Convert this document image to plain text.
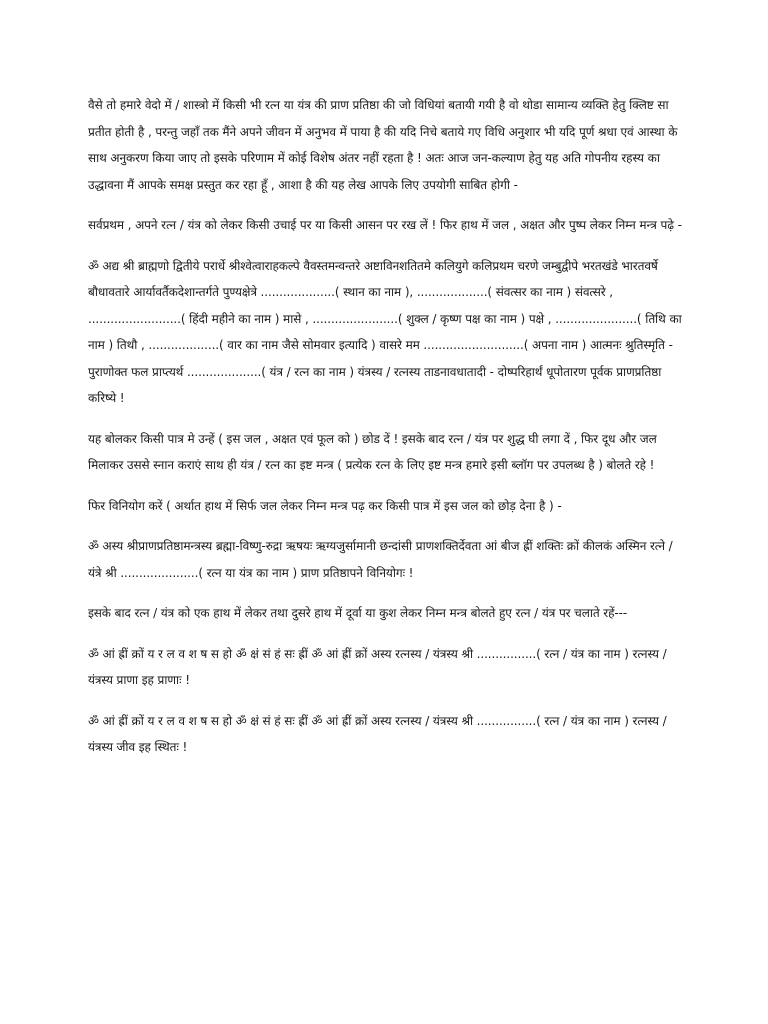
वैसे तो हमारे वेदो में / शास्त्रो में किसी भी रत्न या यंत्र की प्राण प्रतिष्ठा की जो विधियां बतायी गयी है वो थोडा सामान्य व्यक्ति हेतु क्लिष्ट सा प्रतीत होती है , परन्तु जहाँ तक मैंने अपने जीवन में अनुभव में पाया है की यदि निचे बताये गए विधि अनुशार भी यदि पूर्ण श्रधा एवं आस्था के साथ अनुकरण किया जाए तो इसके परिणाम में कोई विशेष अंतर नहीं रहता है ! अतः आज जन-कल्याण हेतु यह अति गोपनीय रहस्य का उद्धावना मैं आपके समक्ष प्रस्तुत कर रहा हूँ , आशा है की यह लेख आपके लिए उपयोगी साबित होगी -

सर्वप्रथम , अपने रत्न / यंत्र को लेकर किसी उचाई पर या किसी आसन पर रख लें ! फिर हाथ में जल , अक्षत और पुष्प लेकर निम्न मन्त्र पढ़े -

ॐ अद्य श्री ब्राह्मणो द्वितीये परार्धे श्रीश्वेत्वाराहकल्पे वैवस्तमन्वन्तरे अष्टाविनशतितमे कलियुगे कलिप्रथम चरणे जम्बुद्वीपे भरतखंडे भारतवर्षे बौधावतारे आर्यावर्तैकदेशान्तर्गते पुण्यक्षेत्रे ....................( स्थान का नाम ), ...................( संवत्सर का नाम ) संवत्सरे , .........................( हिंदी महीने का नाम ) मासे , .......................( शुक्ल / कृष्ण पक्ष का नाम ) पक्षे , ......................( तिथि का नाम ) तिथौ , ...................( वार का नाम जैसे सोमवार इत्यादि ) वासरे मम ...........................( अपना नाम ) आत्मनः श्रुतिस्मृति - पुराणोक्त फल प्राप्त्यर्थ ....................( यंत्र / रत्न का नाम ) यंत्रस्य / रत्नस्य ताडनावधातादी - दोष्परिहार्थं धूपोतारण पूर्वक प्राणप्रतिष्ठा करिष्ये !

यह बोलकर किसी पात्र मे उन्हें ( इस जल , अक्षत एवं फूल को ) छोड दें ! इसके बाद रत्न / यंत्र पर शुद्ध घी लगा दें , फिर दूध और जल मिलाकर उससे स्नान कराएं साथ ही यंत्र / रत्न का इष्ट मन्त्र ( प्रत्येक रत्न के लिए इष्ट मन्त्र हमारे इसी ब्लॉग पर उपलब्ध है ) बोलते रहे !

फिर विनियोग करें ( अर्थात हाथ में सिर्फ जल लेकर निम्न मन्त्र पढ़ कर किसी पात्र में इस जल को छोड़ देना है ) -

ॐ अस्य श्रीप्राणप्रतिष्ठामन्त्रस्य ब्रह्मा-विष्णु-रुद्रा ऋषयः ऋग्यजुर्सामानी छन्दांसी प्राणशक्तिर्देवता आं बीज ह्रीं शक्तिः क्रों कीलकं अस्मिन रत्ने / यंत्रे श्री .....................( रत्न या यंत्र का नाम ) प्राण प्रतिष्ठापने विनियोगः !

इसके बाद रत्न / यंत्र को एक हाथ में लेकर तथा दुसरे हाथ में दूर्वा या कुश लेकर निम्न मन्त्र बोलते हुए रत्न / यंत्र पर चलाते रहें---

ॐ आं ह्रीं क्रों य र ल व श ष स हो ॐ क्षं सं हं सः ह्रीं ॐ आं ह्रीं क्रों अस्य रत्नस्य / यंत्रस्य श्री ................( रत्न / यंत्र का नाम ) रत्नस्य / यंत्रस्य प्राणा इह प्राणाः !

ॐ आं ह्रीं क्रों य र ल व श ष स हो ॐ क्षं सं हं सः ह्रीं ॐ आं ह्रीं क्रों अस्य रत्नस्य / यंत्रस्य श्री ................( रत्न / यंत्र का नाम ) रत्नस्य / यंत्रस्य जीव इह स्थितः !
